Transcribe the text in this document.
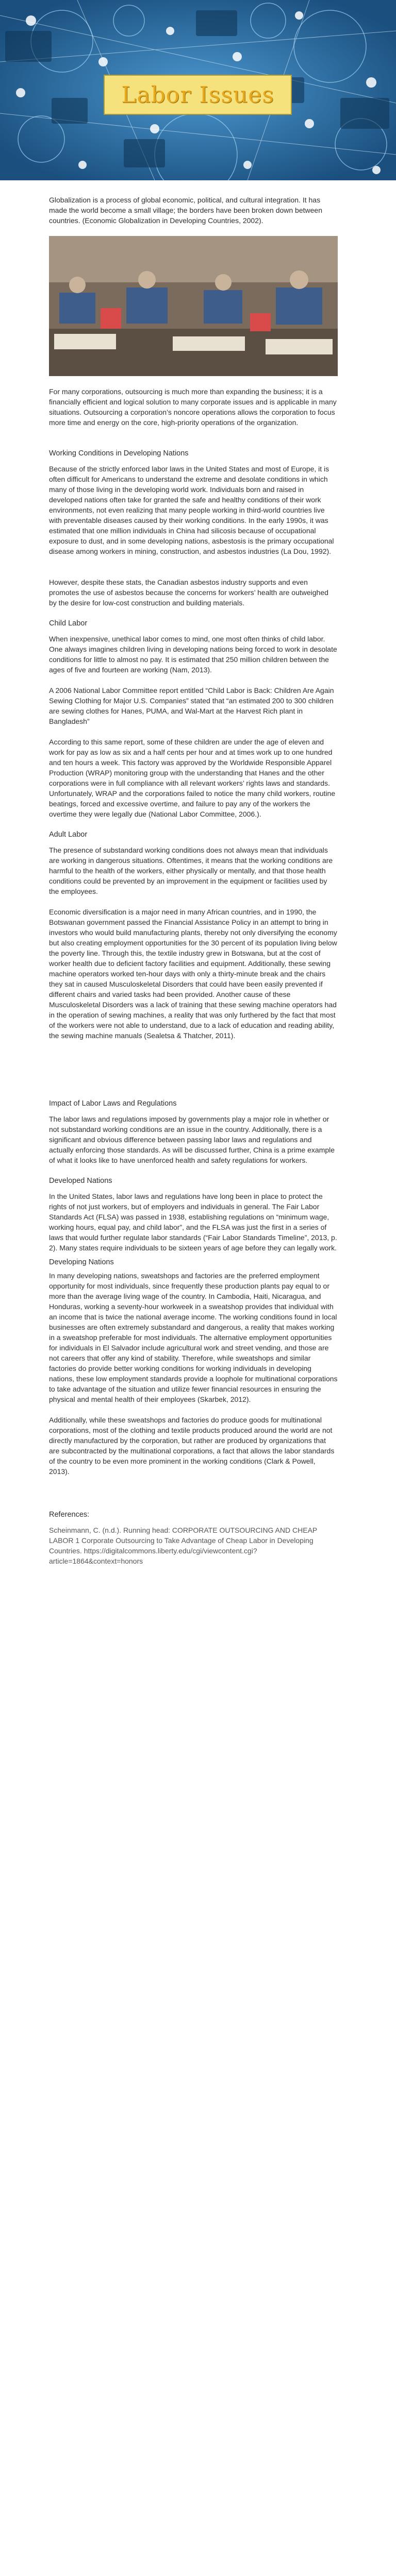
Labor Issues

Globalization is a process of global economic, political, and cultural integration. It has made the world become a small village; the borders have been broken down between countries. (Economic Globalization in Developing Countries, 2002).

For many corporations, outsourcing is much more than expanding the business; it is a financially efficient and logical solution to many corporate issues and is applicable in many situations. Outsourcing a corporation’s noncore operations allows the corporation to focus more time and energy on the core, high-priority operations of the organization.

Working Conditions in Developing Nations

Because of the strictly enforced labor laws in the United States and most of Europe, it is often difficult for Americans to understand the extreme and desolate conditions in which many of those living in the developing world work. Individuals born and raised in developed nations often take for granted the safe and healthy conditions of their work environments, not even realizing that many people working in third-world countries live with preventable diseases caused by their working conditions. In the early 1990s, it was estimated that one million individuals in China had silicosis because of occupational exposure to dust, and in some developing nations, asbestosis is the primary occupational disease among workers in mining, construction, and asbestos industries (La Dou, 1992).

However, despite these stats, the Canadian asbestos industry supports and even promotes the use of asbestos because the concerns for workers’ health are outweighed by the desire for low-cost construction and building materials.

Child Labor

When inexpensive, unethical labor comes to mind, one most often thinks of child labor. One always imagines children living in developing nations being forced to work in desolate conditions for little to almost no pay. It is estimated that 250 million children between the ages of five and fourteen are working (Nam, 2013).

A 2006 National Labor Committee report entitled “Child Labor is Back: Children Are Again Sewing Clothing for Major U.S. Companies” stated that “an estimated 200 to 300 children are sewing clothes for Hanes, PUMA, and Wal-Mart at the Harvest Rich plant in Bangladesh”

According to this same report, some of these children are under the age of eleven and work for pay as low as six and a half cents per hour and at times work up to one hundred and ten hours a week. This factory was approved by the Worldwide Responsible Apparel Production (WRAP) monitoring group with the understanding that Hanes and the other corporations were in full compliance with all relevant workers’ rights laws and standards. Unfortunately, WRAP and the corporations failed to notice the many child workers, routine beatings, forced and excessive overtime, and failure to pay any of the workers the overtime they were legally due (National Labor Committee, 2006.).

Adult Labor

The presence of substandard working conditions does not always mean that individuals are working in dangerous situations. Oftentimes, it means that the working conditions are harmful to the health of the workers, either physically or mentally, and that those health conditions could be prevented by an improvement in the equipment or facilities used by the employees.

Economic diversification is a major need in many African countries, and in 1990, the Botswanan government passed the Financial Assistance Policy in an attempt to bring in investors who would build manufacturing plants, thereby not only diversifying the economy but also creating employment opportunities for the 30 percent of its population living below the poverty line. Through this, the textile industry grew in Botswana, but at the cost of worker health due to deficient factory facilities and equipment. Additionally, these sewing machine operators worked ten-hour days with only a thirty-minute break and the chairs they sat in caused Musculoskeletal Disorders that could have been easily prevented if different chairs and varied tasks had been provided. Another cause of these Musculoskeletal Disorders was a lack of training that these sewing machine operators had in the operation of sewing machines, a reality that was only furthered by the fact that most of the workers were not able to understand, due to a lack of education and reading ability, the sewing machine manuals (Sealetsa & Thatcher, 2011).

Impact of Labor Laws and Regulations

The labor laws and regulations imposed by governments play a major role in whether or not substandard working conditions are an issue in the country. Additionally, there is a significant and obvious difference between passing labor laws and regulations and actually enforcing those standards. As will be discussed further, China is a prime example of what it looks like to have unenforced health and safety regulations for workers.

Developed Nations

In the United States, labor laws and regulations have long been in place to protect the rights of not just workers, but of employers and individuals in general. The Fair Labor Standards Act (FLSA) was passed in 1938, establishing regulations on “minimum wage, working hours, equal pay, and child labor”, and the FLSA was just the first in a series of laws that would further regulate labor standards (“Fair Labor Standards Timeline”, 2013, p. 2). Many states require individuals to be sixteen years of age before they can legally work.

Developing Nations

In many developing nations, sweatshops and factories are the preferred employment opportunity for most individuals, since frequently these production plants pay equal to or more than the average living wage of the country. In Cambodia, Haiti, Nicaragua, and Honduras, working a seventy-hour workweek in a sweatshop provides that individual with an income that is twice the national average income. The working conditions found in local businesses are often extremely substandard and dangerous, a reality that makes working in a sweatshop preferable for most individuals. The alternative employment opportunities for individuals in El Salvador include agricultural work and street vending, and those are not careers that offer any kind of stability. Therefore, while sweatshops and similar factories do provide better working conditions for working individuals in developing nations, these low employment standards provide a loophole for multinational corporations to take advantage of the situation and utilize fewer financial resources in ensuring the physical and mental health of their employees (Skarbek, 2012).

Additionally, while these sweatshops and factories do produce goods for multinational corporations, most of the clothing and textile products produced around the world are not directly manufactured by the corporation, but rather are produced by organizations that are subcontracted by the multinational corporations, a fact that allows the labor standards of the country to be even more prominent in the working conditions (Clark & Powell, 2013).

References:

Scheinmann, C. (n.d.). Running head: CORPORATE OUTSOURCING AND CHEAP LABOR 1 Corporate Outsourcing to Take Advantage of Cheap Labor in Developing Countries. https://digitalcommons.liberty.edu/cgi/viewcontent.cgi?article=1864&context=honors
